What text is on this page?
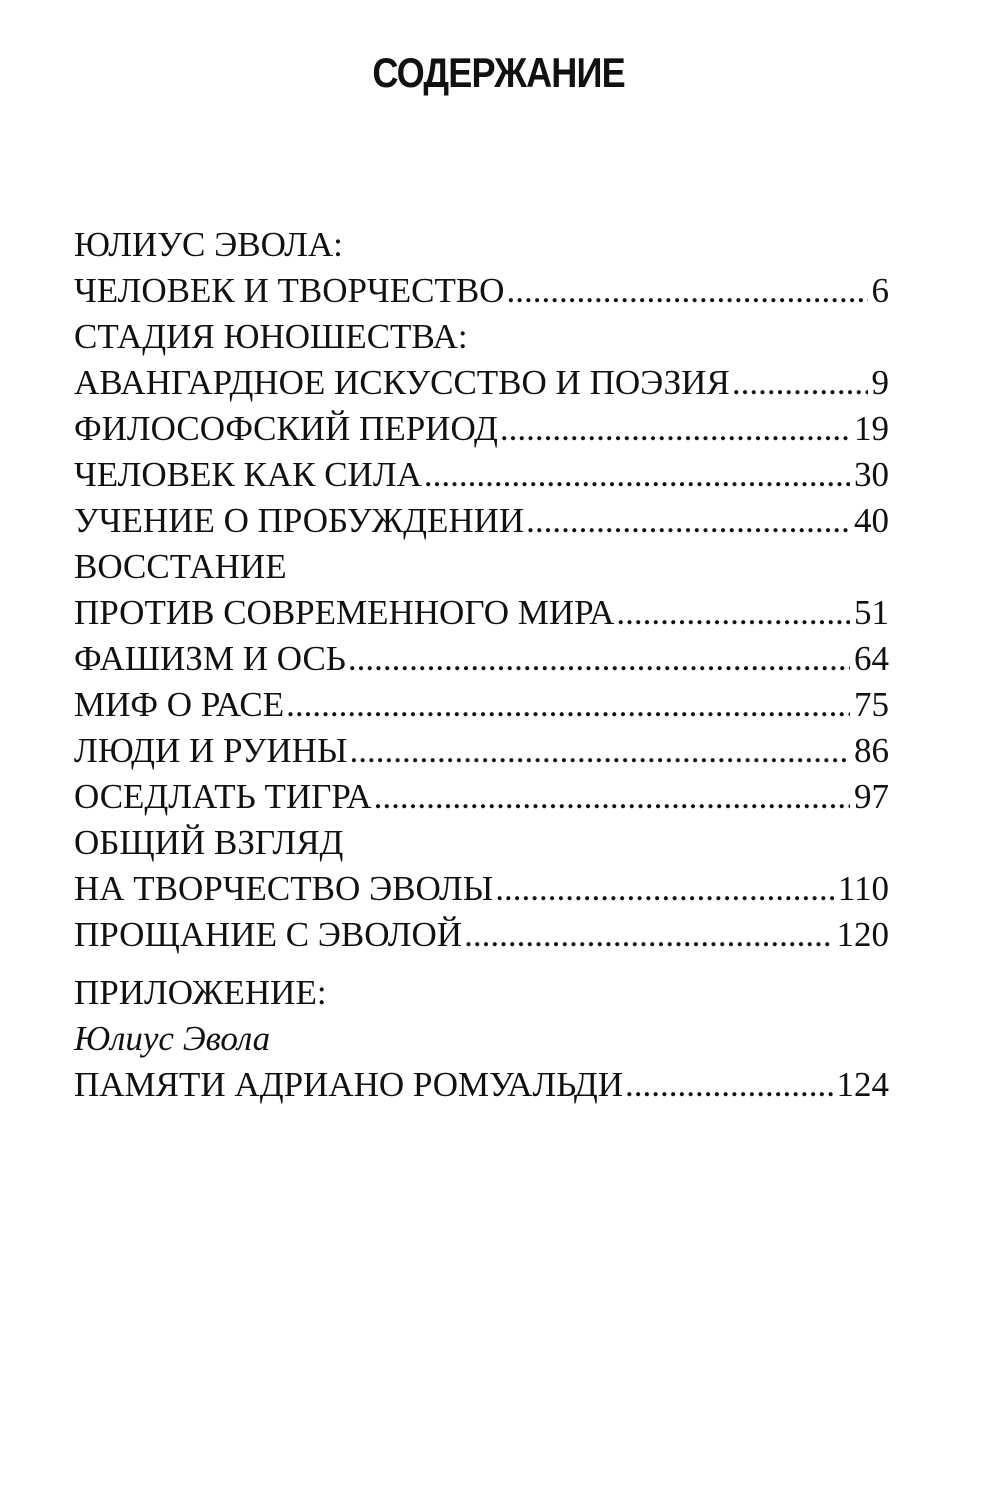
СОДЕРЖАНИЕ
ЮЛИУС ЭВОЛА:
ЧЕЛОВЕК И ТВОРЧЕСТВО .....	6
СТАДИЯ ЮНОШЕСТВА:
АВАНГАРДНОЕ ИСКУССТВО И ПОЭЗИЯ .....	9
ФИЛОСОФСКИЙ ПЕРИОД .....	19
ЧЕЛОВЕК КАК СИЛА .....	30
УЧЕНИЕ О ПРОБУЖДЕНИИ .....	40
ВОССТАНИЕ
ПРОТИВ СОВРЕМЕННОГО МИРА .....	51
ФАШИЗМ И ОСЬ .....	64
МИФ О РАСЕ .....	75
ЛЮДИ И РУИНЫ .....	86
ОСЕДЛАТЬ ТИГРА .....	97
ОБЩИЙ ВЗГЛЯД
НА ТВОРЧЕСТВО ЭВОЛЫ .....	110
ПРОЩАНИЕ С ЭВОЛОЙ .....	120
ПРИЛОЖЕНИЕ:
Юлиус Эвола
ПАМЯТИ АДРИАНО РОМУАЛЬДИ .....	124
